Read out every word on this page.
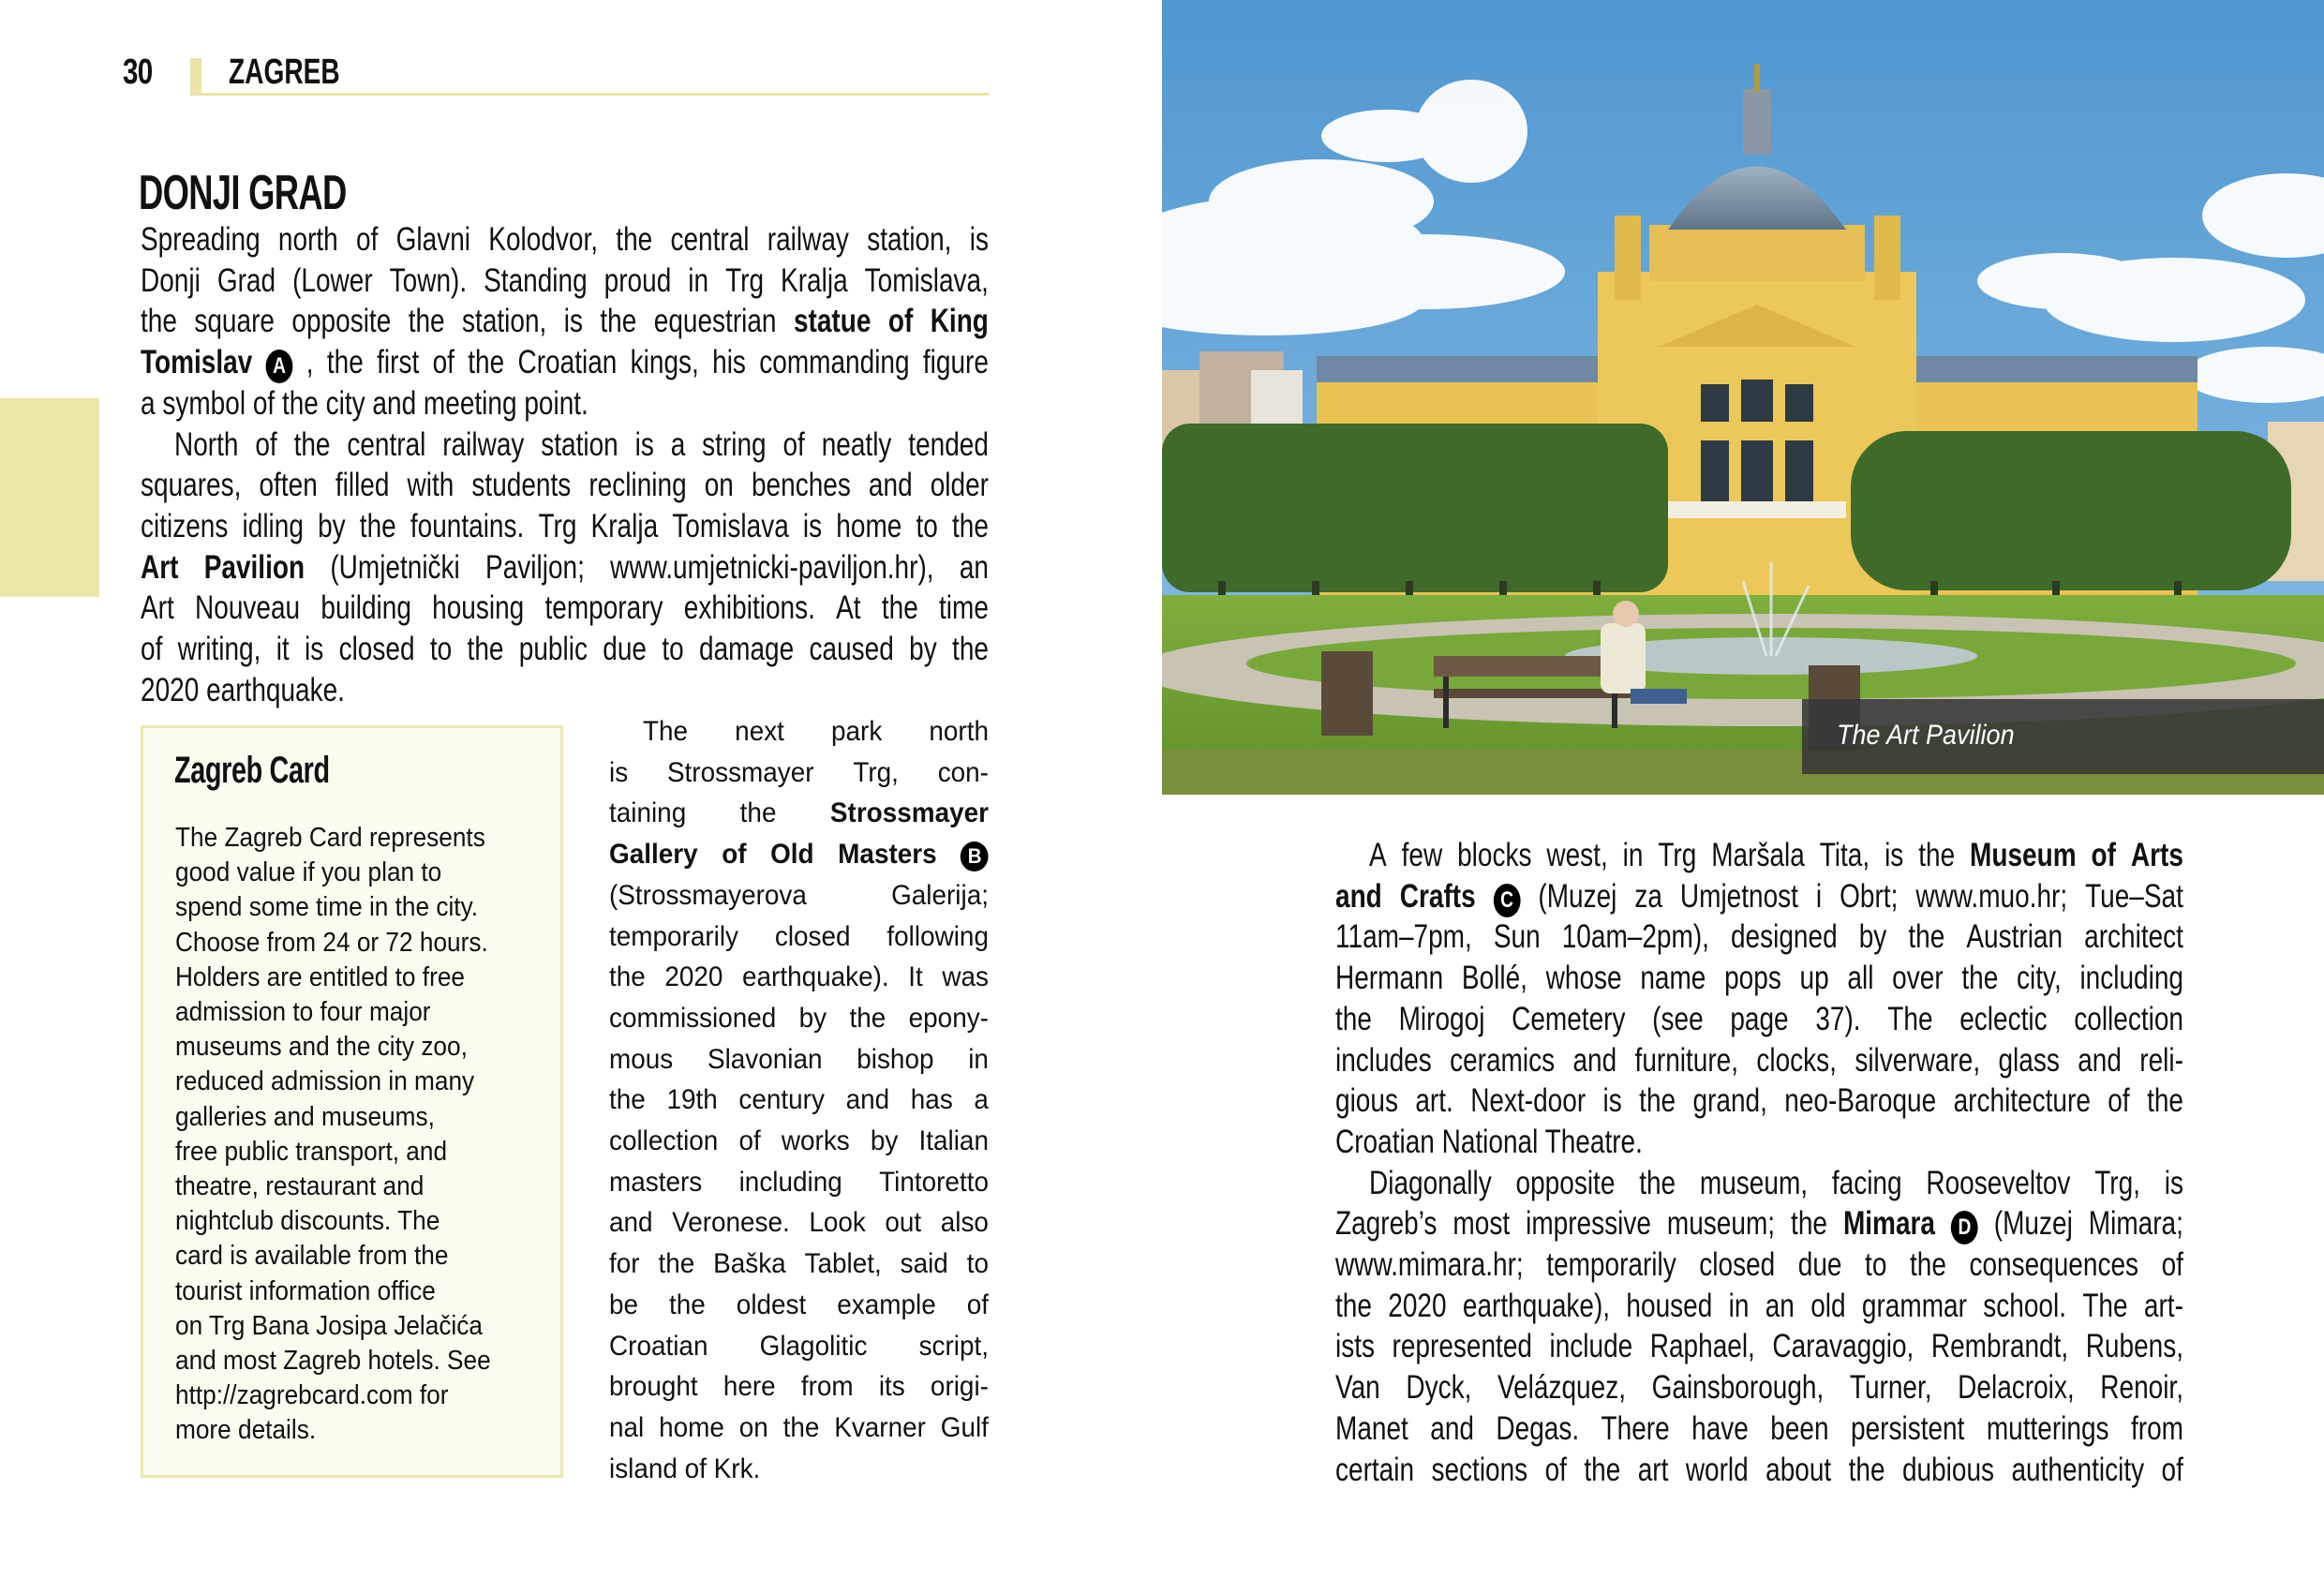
30 ZAGREB
DONJI GRAD
Spreading north of Glavni Kolodvor, the central railway station, is
Donji Grad (Lower Town). Standing proud in Trg Kralja Tomislava,
the square opposite the station, is the equestrian statue of King
Tomislav A , the first of the Croatian kings, his commanding figure
a symbol of the city and meeting point.
North of the central railway station is a string of neatly tended
squares, often filled with students reclining on benches and older
citizens idling by the fountains. Trg Kralja Tomislava is home to the
Art Pavilion (Umjetnički Paviljon; www.umjetnicki-paviljon.hr), an
Art Nouveau building housing temporary exhibitions. At the time
of writing, it is closed to the public due to damage caused by the
2020 earthquake.
The next park north
is Strossmayer Trg, con-
taining the Strossmayer
Gallery of Old Masters	B
(Strossmayerova	Galerija;
temporarily closed following
the 2020 earthquake). It was
commissioned by the epony-
mous Slavonian bishop in
the 19th century and has a
collection of works by Italian
masters including Tintoretto
and Veronese. Look out also
for the Baška Tablet, said to
be the oldest example of
Croatian Glagolitic script,
brought here from its origi-
nal home on the Kvarner Gulf
island of Krk.
A few blocks west, in Trg Maršala Tita, is the Museum of Arts
and Crafts	C (Muzej za Umjetnost i Obrt; www.muo.hr; Tue–Sat
11am–7pm, Sun 10am–2pm), designed by the Austrian architect
Hermann Bollé, whose name pops up all over the city, including
the Mirogoj Cemetery (see page 37). The eclectic collection
includes ceramics and furniture, clocks, silverware, glass and reli-
gious art. Next-door is the grand, neo-Baroque architecture of the
Croatian National Theatre.
Diagonally opposite the museum, facing Rooseveltov Trg, is
Zagreb’s most impressive museum; the Mimara	D (Muzej Mimara;
www.mimara.hr; temporarily closed due to the consequences of
the 2020 earthquake), housed in an old grammar school. The art-
ists represented include Raphael, Caravaggio, Rembrandt, Rubens,
Van Dyck, Velázquez, Gainsborough, Turner, Delacroix, Renoir,
Manet and Degas. There have been persistent mutterings from
certain sections of the art world about the dubious authenticity of
Zagreb Card
The Zagreb Card represents
good value if you plan to
spend some time in the city.
Choose from 24 or 72 hours.
Holders are entitled to free
admission to four major
museums and the city zoo,
reduced admission in many
galleries and museums,
free public transport, and
theatre, restaurant and
nightclub discounts. The
card is available from the
tourist information office
on Trg Bana Josipa Jelačića
and most Zagreb hotels. See
http://zagrebcard.com for
more details.
The Art Pavilion
